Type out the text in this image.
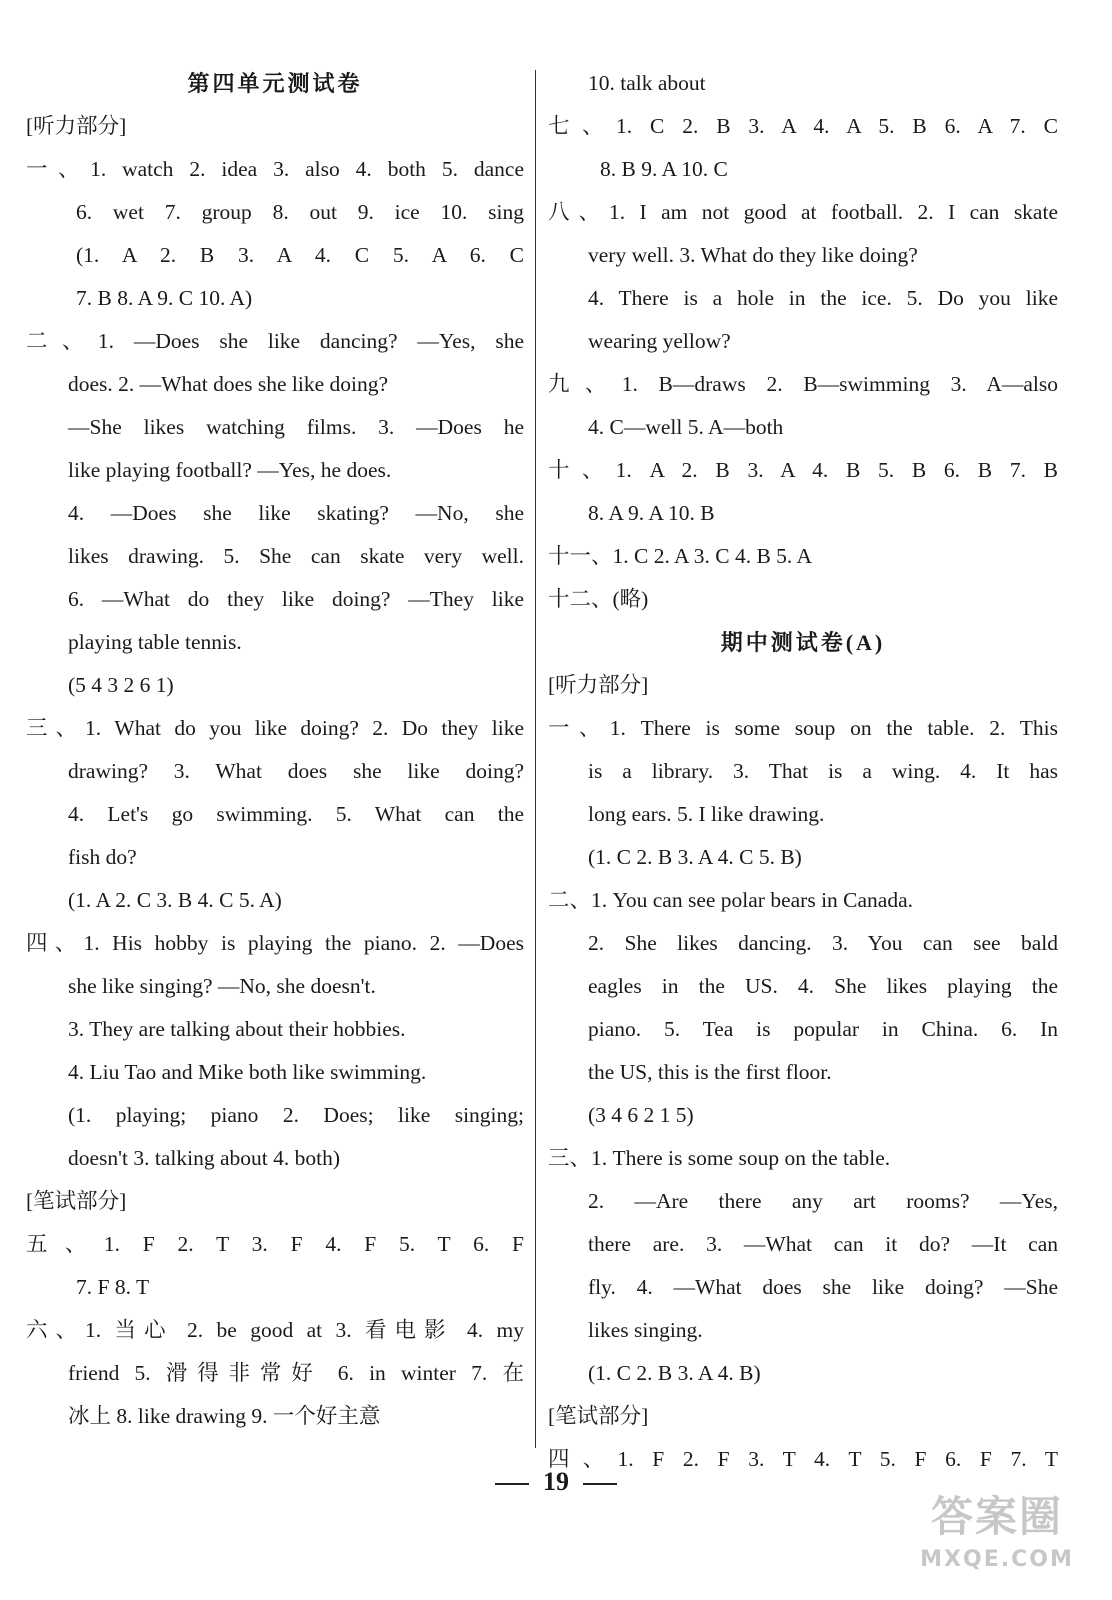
第四单元测试卷
[听力部分]
一、1. watch 2. idea 3. also 4. both 5. dance
6. wet 7. group 8. out 9. ice 10. sing
(1. A 2. B 3. A 4. C 5. A 6. C
7. B 8. A 9. C 10. A)
二、1. —Does she like dancing? —Yes, she
does. 2. —What does she like doing?
—She likes watching films. 3. —Does he
like playing football? —Yes, he does.
4. —Does she like skating? —No, she
likes drawing. 5. She can skate very well.
6. —What do they like doing? —They like
playing table tennis.
(5 4 3 2 6 1)
三、1. What do you like doing? 2. Do they like
drawing? 3. What does she like doing?
4. Let's go swimming. 5. What can the
fish do?
(1. A 2. C 3. B 4. C 5. A)
四、1. His hobby is playing the piano. 2. —Does
she like singing? —No, she doesn't.
3. They are talking about their hobbies.
4. Liu Tao and Mike both like swimming.
(1. playing; piano 2. Does; like singing;
doesn't 3. talking about 4. both)
[笔试部分]
五、1. F 2. T 3. F 4. F 5. T 6. F
7. F 8. T
六、1. 当心 2. be good at 3. 看电影 4. my
friend 5. 滑得非常好 6. in winter 7. 在
冰上 8. like drawing 9. 一个好主意
10. talk about
七、1. C 2. B 3. A 4. A 5. B 6. A 7. C
8. B 9. A 10. C
八、1. I am not good at football. 2. I can skate
very well. 3. What do they like doing?
4. There is a hole in the ice. 5. Do you like
wearing yellow?
九、1. B—draws 2. B—swimming 3. A—also
4. C—well 5. A—both
十、1. A 2. B 3. A 4. B 5. B 6. B 7. B
8. A 9. A 10. B
十一、1. C 2. A 3. C 4. B 5. A
十二、(略)
期中测试卷(A)
[听力部分]
一、1. There is some soup on the table. 2. This
is a library. 3. That is a wing. 4. It has
long ears. 5. I like drawing.
(1. C 2. B 3. A 4. C 5. B)
二、1. You can see polar bears in Canada.
2. She likes dancing. 3. You can see bald
eagles in the US. 4. She likes playing the
piano. 5. Tea is popular in China. 6. In
the US, this is the first floor.
(3 4 6 2 1 5)
三、1. There is some soup on the table.
2. —Are there any art rooms? —Yes,
there are. 3. —What can it do? —It can
fly. 4. —What does she like doing? —She
likes singing.
(1. C 2. B 3. A 4. B)
[笔试部分]
四、1. F 2. F 3. T 4. T 5. F 6. F 7. T
19
答案圈
MXQE.COM
